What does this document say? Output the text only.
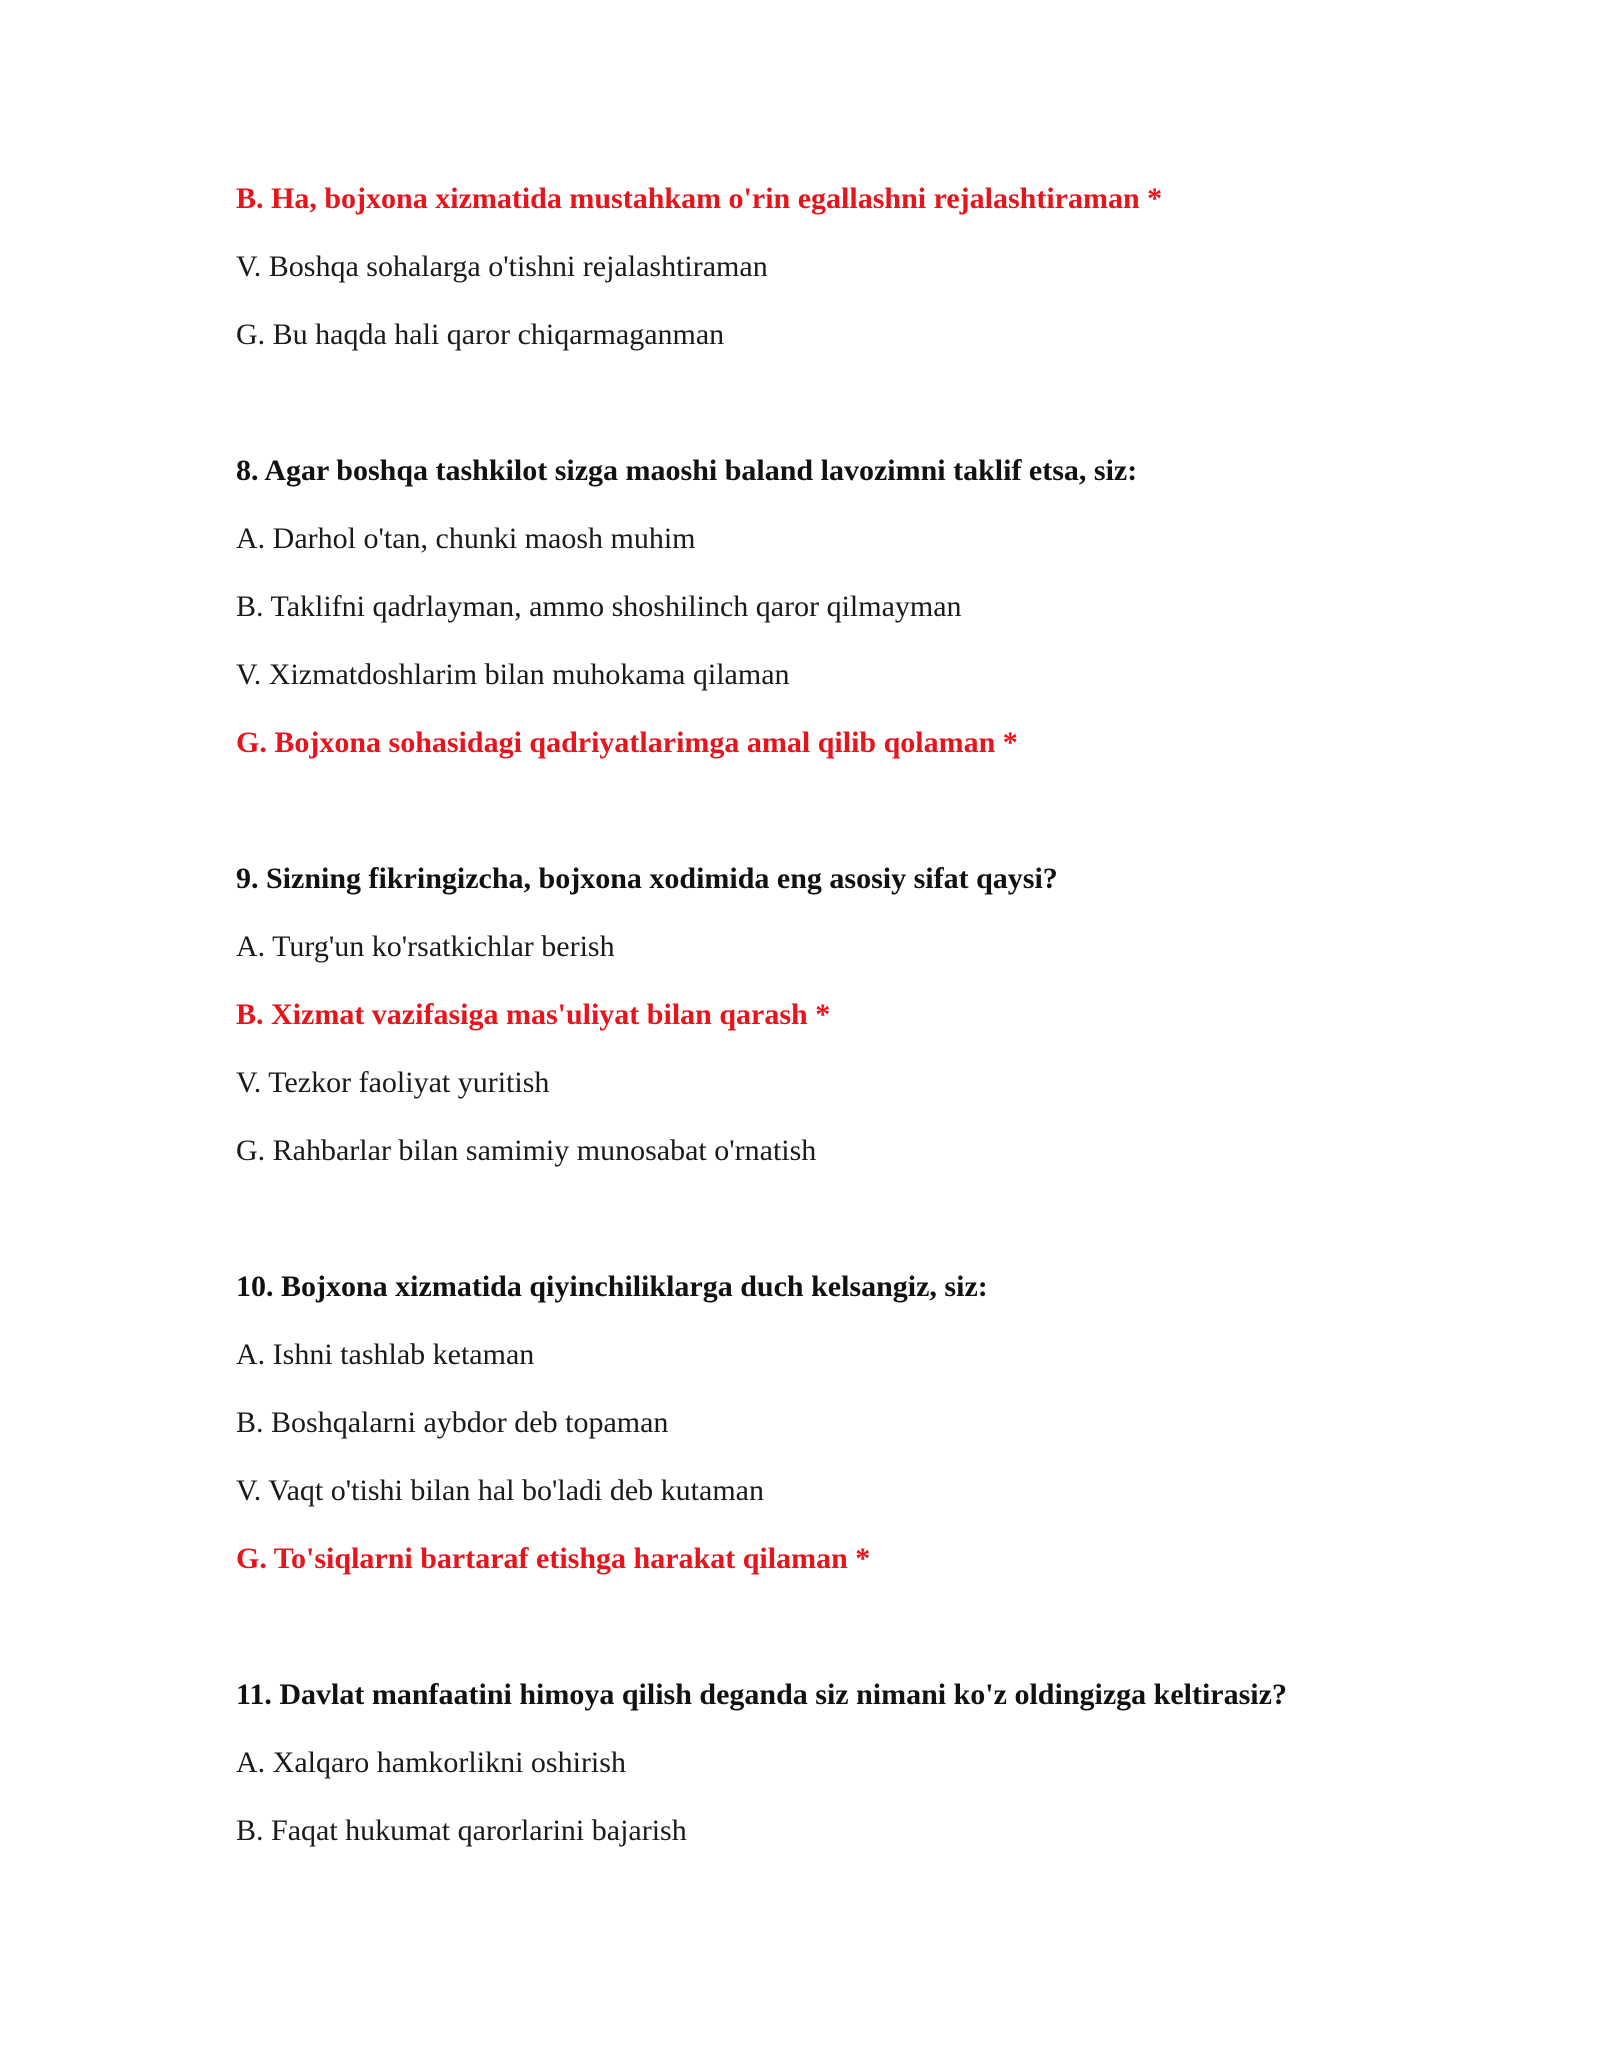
B. Ha, bojxona xizmatida mustahkam o'rin egallashni rejalashtiraman *
V. Boshqa sohalarga o'tishni rejalashtiraman
G. Bu haqda hali qaror chiqarmaganman
8. Agar boshqa tashkilot sizga maoshi baland lavozimni taklif etsa, siz:
A. Darhol o'tan, chunki maosh muhim
B. Taklifni qadrlayman, ammo shoshilinch qaror qilmayman
V. Xizmatdoshlarim bilan muhokama qilaman
G. Bojxona sohasidagi qadriyatlarimga amal qilib qolaman *
9. Sizning fikringizcha, bojxona xodimida eng asosiy sifat qaysi?
A. Turg'un ko'rsatkichlar berish
B. Xizmat vazifasiga mas'uliyat bilan qarash *
V. Tezkor faoliyat yuritish
G. Rahbarlar bilan samimiy munosabat o'rnatish
10. Bojxona xizmatida qiyinchiliklarga duch kelsangiz, siz:
A. Ishni tashlab ketaman
B. Boshqalarni aybdor deb topaman
V. Vaqt o'tishi bilan hal bo'ladi deb kutaman
G. To'siqlarni bartaraf etishga harakat qilaman *
11. Davlat manfaatini himoya qilish deganda siz nimani ko'z oldingizga keltirasiz?
A. Xalqaro hamkorlikni oshirish
B. Faqat hukumat qarorlarini bajarish
